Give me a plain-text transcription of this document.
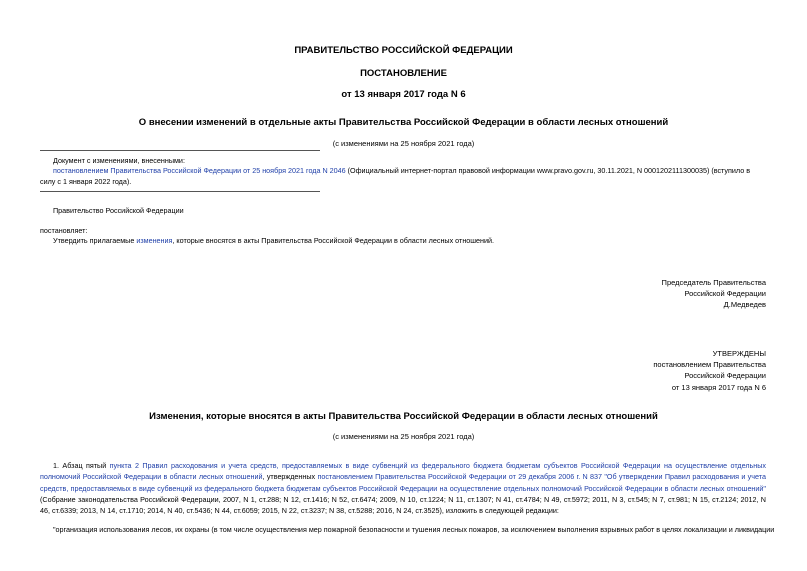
ПРАВИТЕЛЬСТВО РОССИЙСКОЙ ФЕДЕРАЦИИ
ПОСТАНОВЛЕНИЕ
от 13 января 2017 года N 6
О внесении изменений в отдельные акты Правительства Российской Федерации в области лесных отношений
(с изменениями на 25 ноября 2021 года)
Документ с изменениями, внесенными:
постановлением Правительства Российской Федерации от 25 ноября 2021 года N 2046 (Официальный интернет-портал правовой информации www.pravo.gov.ru, 30.11.2021, N 0001202111300035) (вступило в
силу с 1 января 2022 года).
Правительство Российской Федерации
постановляет:
Утвердить прилагаемые изменения, которые вносятся в акты Правительства Российской Федерации в области лесных отношений.
Председатель Правительства
Российской Федерации
Д.Медведев
УТВЕРЖДЕНЫ
постановлением Правительства
Российской Федерации
от 13 января 2017 года N 6
Изменения, которые вносятся в акты Правительства Российской Федерации в области лесных отношений
(с изменениями на 25 ноября 2021 года)
1. Абзац пятый пункта 2 Правил расходования и учета средств, предоставляемых в виде субвенций из федерального бюджета бюджетам субъектов Российской Федерации на осуществление отдельных полномочий Российской Федерации в области лесных отношений, утвержденных постановлением Правительства Российской Федерации от 29 декабря 2006 г. N 837 "Об утверждении Правил расходования и учета средств, предоставляемых в виде субвенций из федерального бюджета бюджетам субъектов Российской Федерации на осуществление отдельных полномочий Российской Федерации в области лесных отношений" (Собрание законодательства Российской Федерации, 2007, N 1, ст.288; N 12, ст.1416; N 52, ст.6474; 2009, N 10, ст.1224; N 11, ст.1307; N 41, ст.4784; N 49, ст.5972; 2011, N 3, ст.545; N 7, ст.981; N 15, ст.2124; 2012, N 46, ст.6339; 2013, N 14, ст.1710; 2014, N 40, ст.5436; N 44, ст.6059; 2015, N 22, ст.3237; N 38, ст.5288; 2016, N 24, ст.3525), изложить в следующей редакции:
"организация использования лесов, их охраны (в том числе осуществления мер пожарной безопасности и тушения лесных пожаров, за исключением выполнения взрывных работ в целях локализации и ликвидации
